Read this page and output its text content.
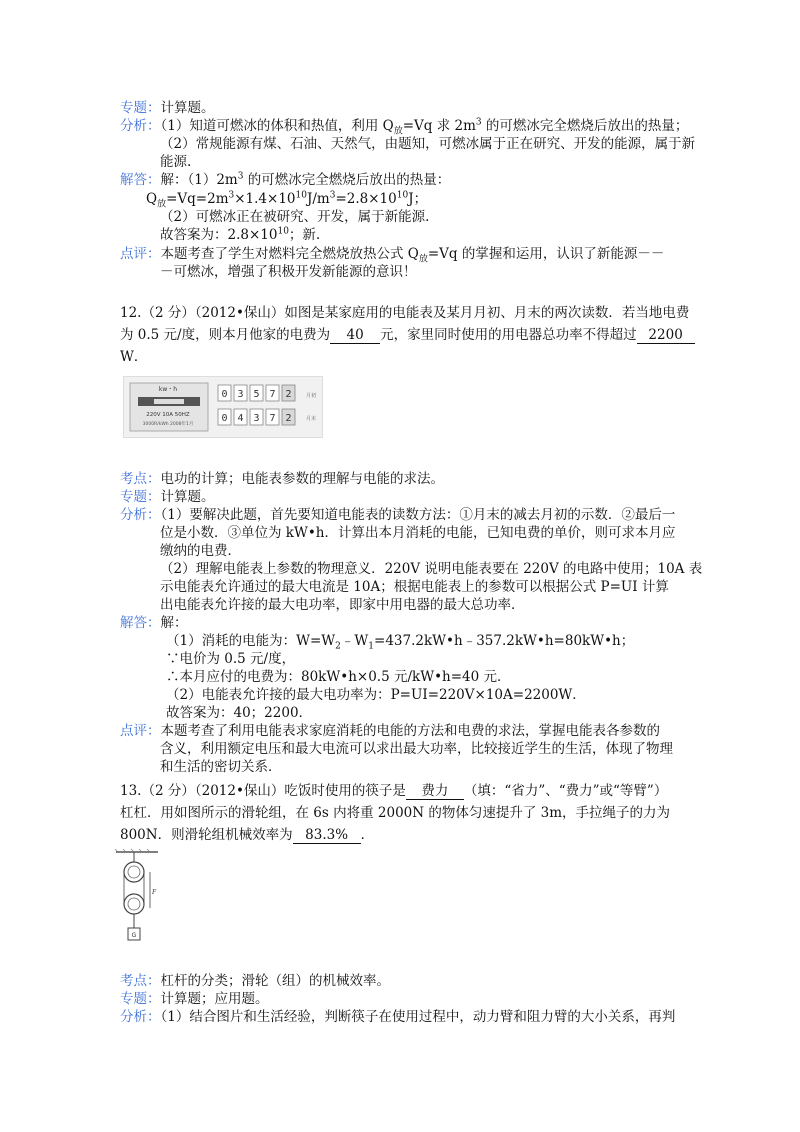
专题：计算题。
分析：（1）知道可燃冰的体积和热值，利用 $Q_放=Vq$ 求 $2m^3$ 的可燃冰完全燃烧后放出的热量；
（2）常规能源有煤、石油、天然气，由题知，可燃冰属于正在研究、开发的能源，属于新
能源.
解答：解：$(1)2m^3$ 的可燃冰完全燃烧后放出的热量：
$Q_放=Vq=2m^3\times 1.4\times 10^{10}J/m^3=2.8\times 10^{10}J$；
（2）可燃冰正在被研究、开发，属于新能源.
故答案为：$2.8\times 10^{10}$；新.
点评：本题考查了学生对燃料完全燃烧放热公式 $Q_放=Vq$ 的掌握和运用，认识了新能源－－
－可燃冰，增强了积极开发新能源的意识！
12.（2 分）（2012•保山）如图是某家庭用的电能表及某月月初、月末的两次读数．若当地电费
为 0.5 元/度，则本月他家的电费为 40 元，家里同时使用的用电器总功率不得超过 2200
W．
kw・h
220V 10A 50HZ
3000R/kWh 2008年1月
0 3 5 7 2
0 4 3 7 2
月初
月末
考点：电功的计算；电能表参数的理解与电能的求法。
专题：计算题。
分析：（1）要解决此题，首先要知道电能表的读数方法：①月末的减去月初的示数．②最后一
位是小数．③单位为 kW•h．计算出本月消耗的电能，已知电费的单价，则可求本月应
缴纳的电费．
（2）理解电能表上参数的物理意义．220V 说明电能表要在 220V 的电路中使用；10A 表
示电能表允许通过的最大电流是 10A；根据电能表上的参数可以根据公式 P=UI 计算
出电能表允许接的最大电功率，即家中用电器的最大总功率．
解答：解：
（1）消耗的电能为：$W=W_2﹣W_1=437.2kW•h﹣357.2kW•h=80kW•h$；
∵电价为 0.5 元/度，
∴本月应付的电费为：80kW•h×0.5 元/kW•h=40 元．
（2）电能表允许接的最大电功率为：P=UI=220V×10A=2200W．
故答案为：40；2200．
点评：本题考查了利用电能表求家庭消耗的电能的方法和电费的求法，掌握电能表各参数的
含义，利用额定电压和最大电流可以求出最大功率，比较接近学生的生活，体现了物理
和生活的密切关系．
13.（2 分）（2012•保山）吃饭时使用的筷子是 费力 （填：“省力”、“费力”或“等臂”）
杠杠．用如图所示的滑轮组，在 6s 内将重 2000N 的物体匀速提升了 3m，手拉绳子的力为
800N．则滑轮组机械效率为 83.3% ．
F
G
考点：杠杆的分类；滑轮（组）的机械效率。
专题：计算题；应用题。
分析：（1）结合图片和生活经验，判断筷子在使用过程中，动力臂和阻力臂的大小关系，再判
